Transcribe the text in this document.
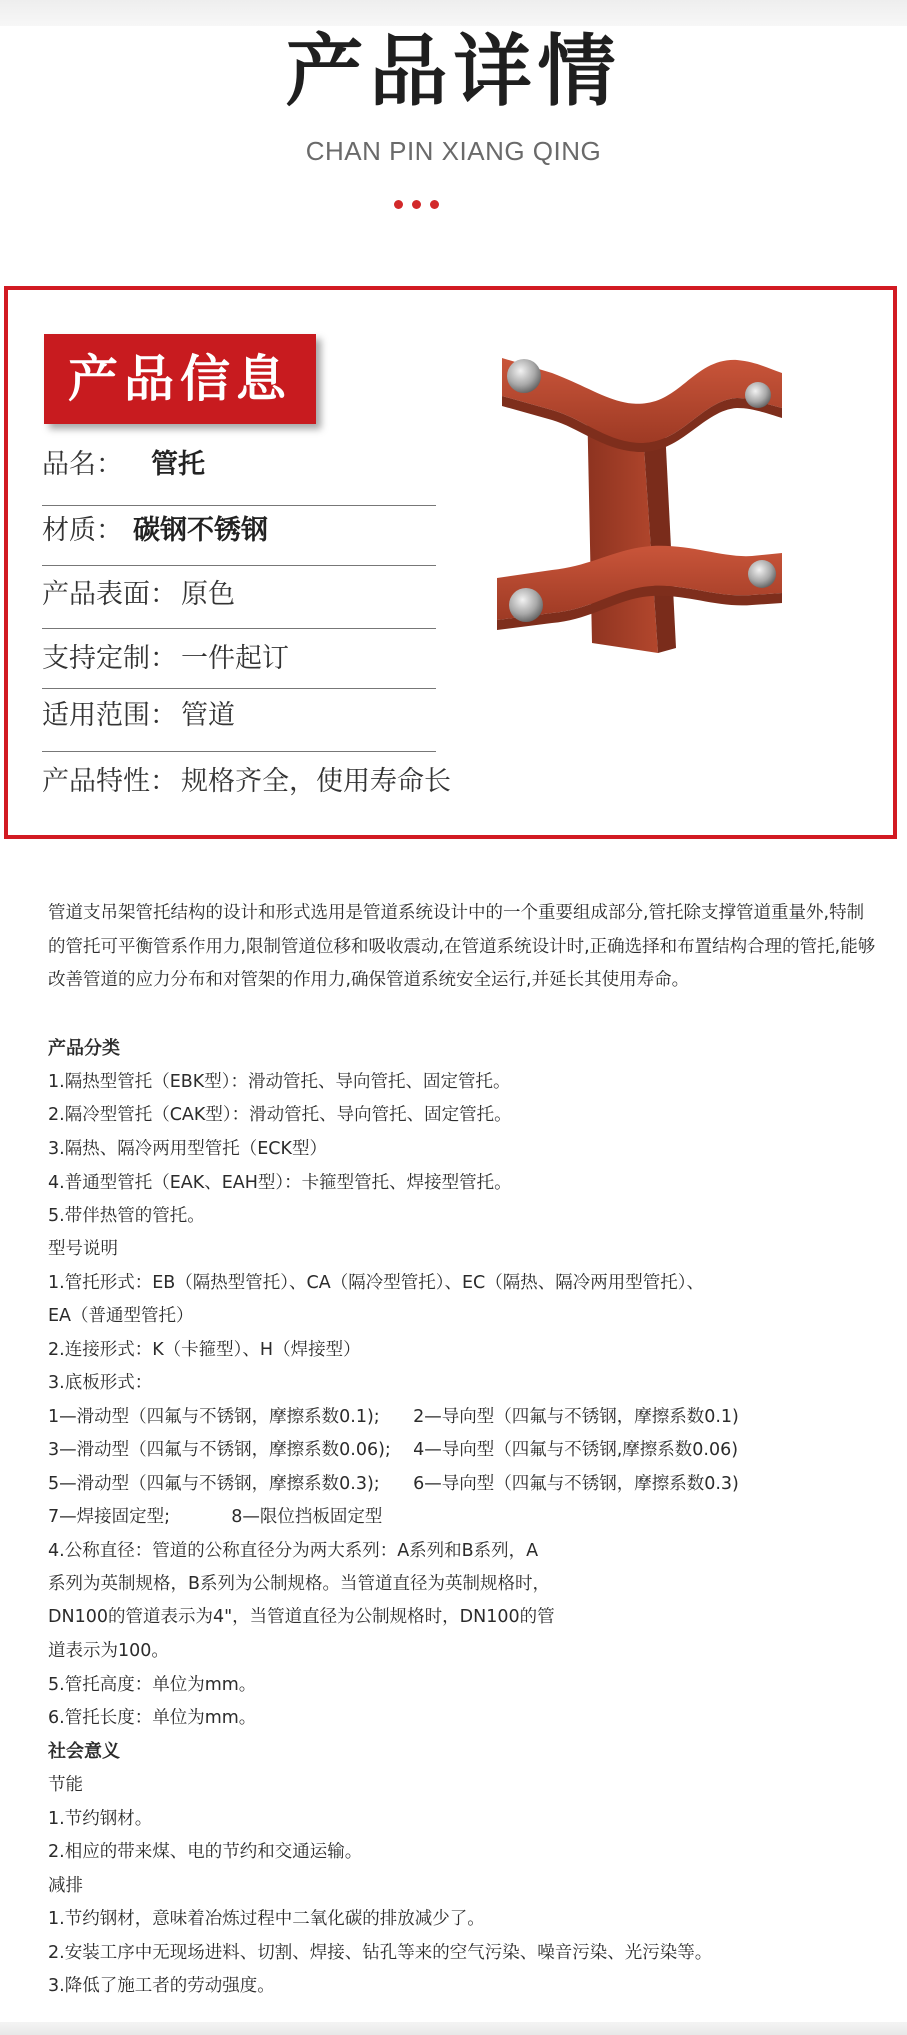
产品详情
CHAN PIN XIANG QING
产品信息
品名： 管托
材质： 碳钢不锈钢
产品表面： 原色
支持定制： 一件起订
适用范围： 管道
产品特性： 规格齐全，使用寿命长

管道支吊架管托结构的设计和形式选用是管道系统设计中的一个重要组成部分,管托除支撑管道重量外,特制的管托可平衡管系作用力,限制管道位移和吸收震动,在管道系统设计时,正确选择和布置结构合理的管托,能够改善管道的应力分布和对管架的作用力,确保管道系统安全运行,并延长其使用寿命。

产品分类
1.隔热型管托（EBK型）：滑动管托、导向管托、固定管托。
2.隔冷型管托（CAK型）：滑动管托、导向管托、固定管托。
3.隔热、隔冷两用型管托（ECK型）
4.普通型管托（EAK、EAH型）：卡箍型管托、焊接型管托。
5.带伴热管的管托。
型号说明
1.管托形式：EB（隔热型管托）、CA（隔冷型管托）、EC（隔热、隔冷两用型管托）、
EA（普通型管托）
2.连接形式：K（卡箍型）、H（焊接型）
3.底板形式：
1—滑动型（四氟与不锈钢，摩擦系数0.1);      2—导向型（四氟与不锈钢，摩擦系数0.1)
3—滑动型（四氟与不锈钢，摩擦系数0.06);    4—导向型（四氟与不锈钢,摩擦系数0.06)
5—滑动型（四氟与不锈钢，摩擦系数0.3);      6—导向型（四氟与不锈钢，摩擦系数0.3)
7—焊接固定型;           8—限位挡板固定型
4.公称直径：管道的公称直径分为两大系列：A系列和B系列，A
系列为英制规格，B系列为公制规格。当管道直径为英制规格时，
DN100的管道表示为4"，当管道直径为公制规格时，DN100的管
道表示为100。
5.管托高度：单位为mm。
6.管托长度：单位为mm。
社会意义
节能
1.节约钢材。
2.相应的带来煤、电的节约和交通运输。
减排
1.节约钢材，意味着冶炼过程中二氧化碳的排放减少了。
2.安装工序中无现场进料、切割、焊接、钻孔等来的空气污染、噪音污染、光污染等。
3.降低了施工者的劳动强度。
